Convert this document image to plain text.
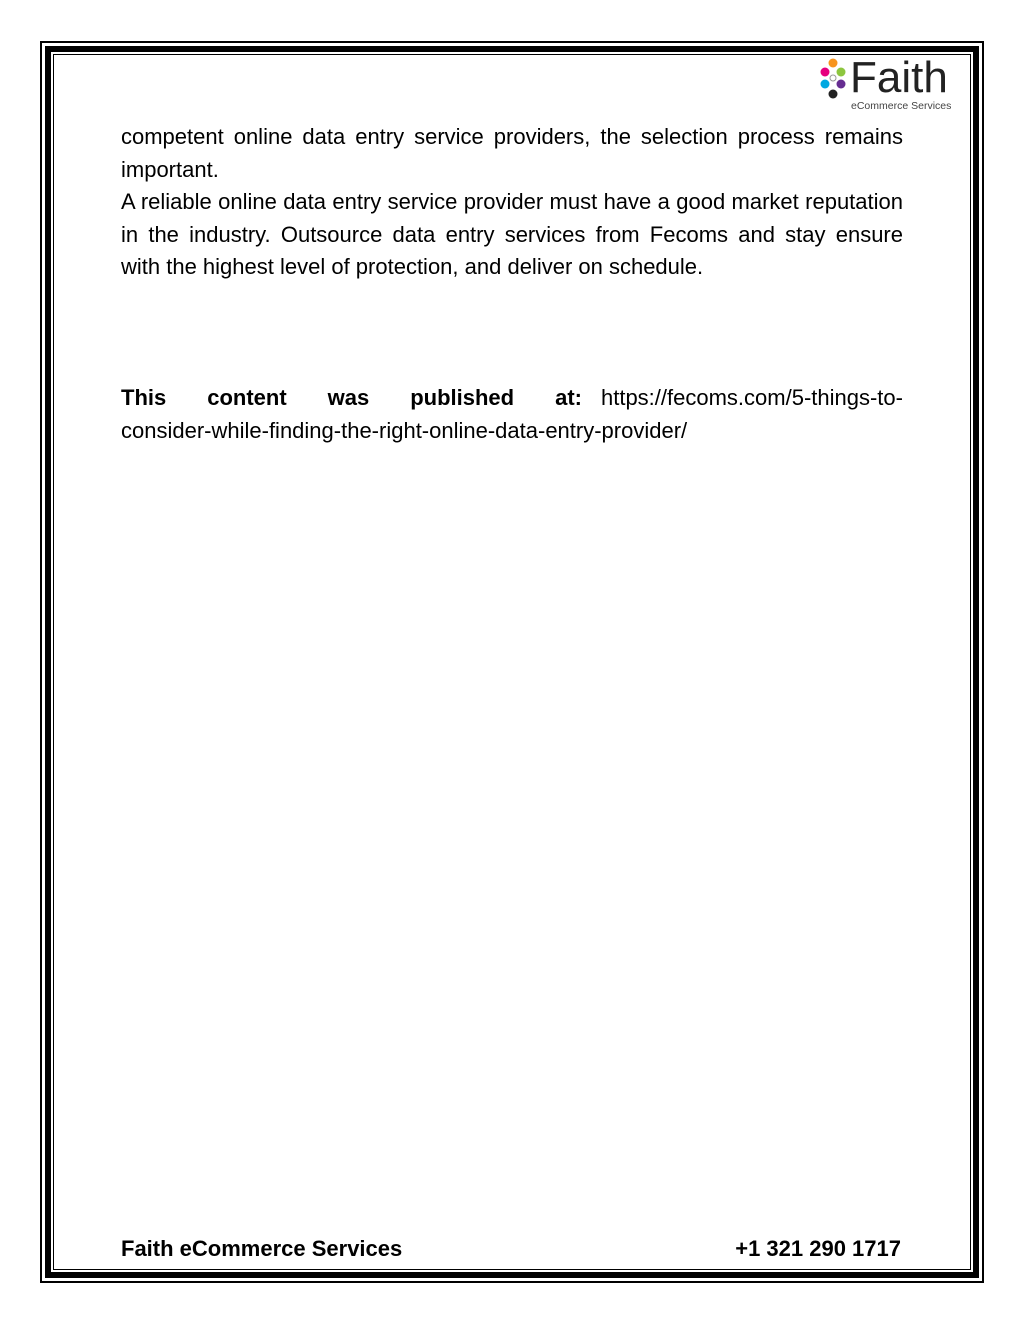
Faith
eCommerce Services

competent online data entry service providers, the selection process remains important.

A reliable online data entry service provider must have a good market reputation in the industry. Outsource data entry services from Fecoms and stay ensure with the highest level of protection, and deliver on schedule.

This content was published at: https://fecoms.com/5-things-to-consider-while-finding-the-right-online-data-entry-provider/
Faith eCommerce Services	+1 321 290 1717
